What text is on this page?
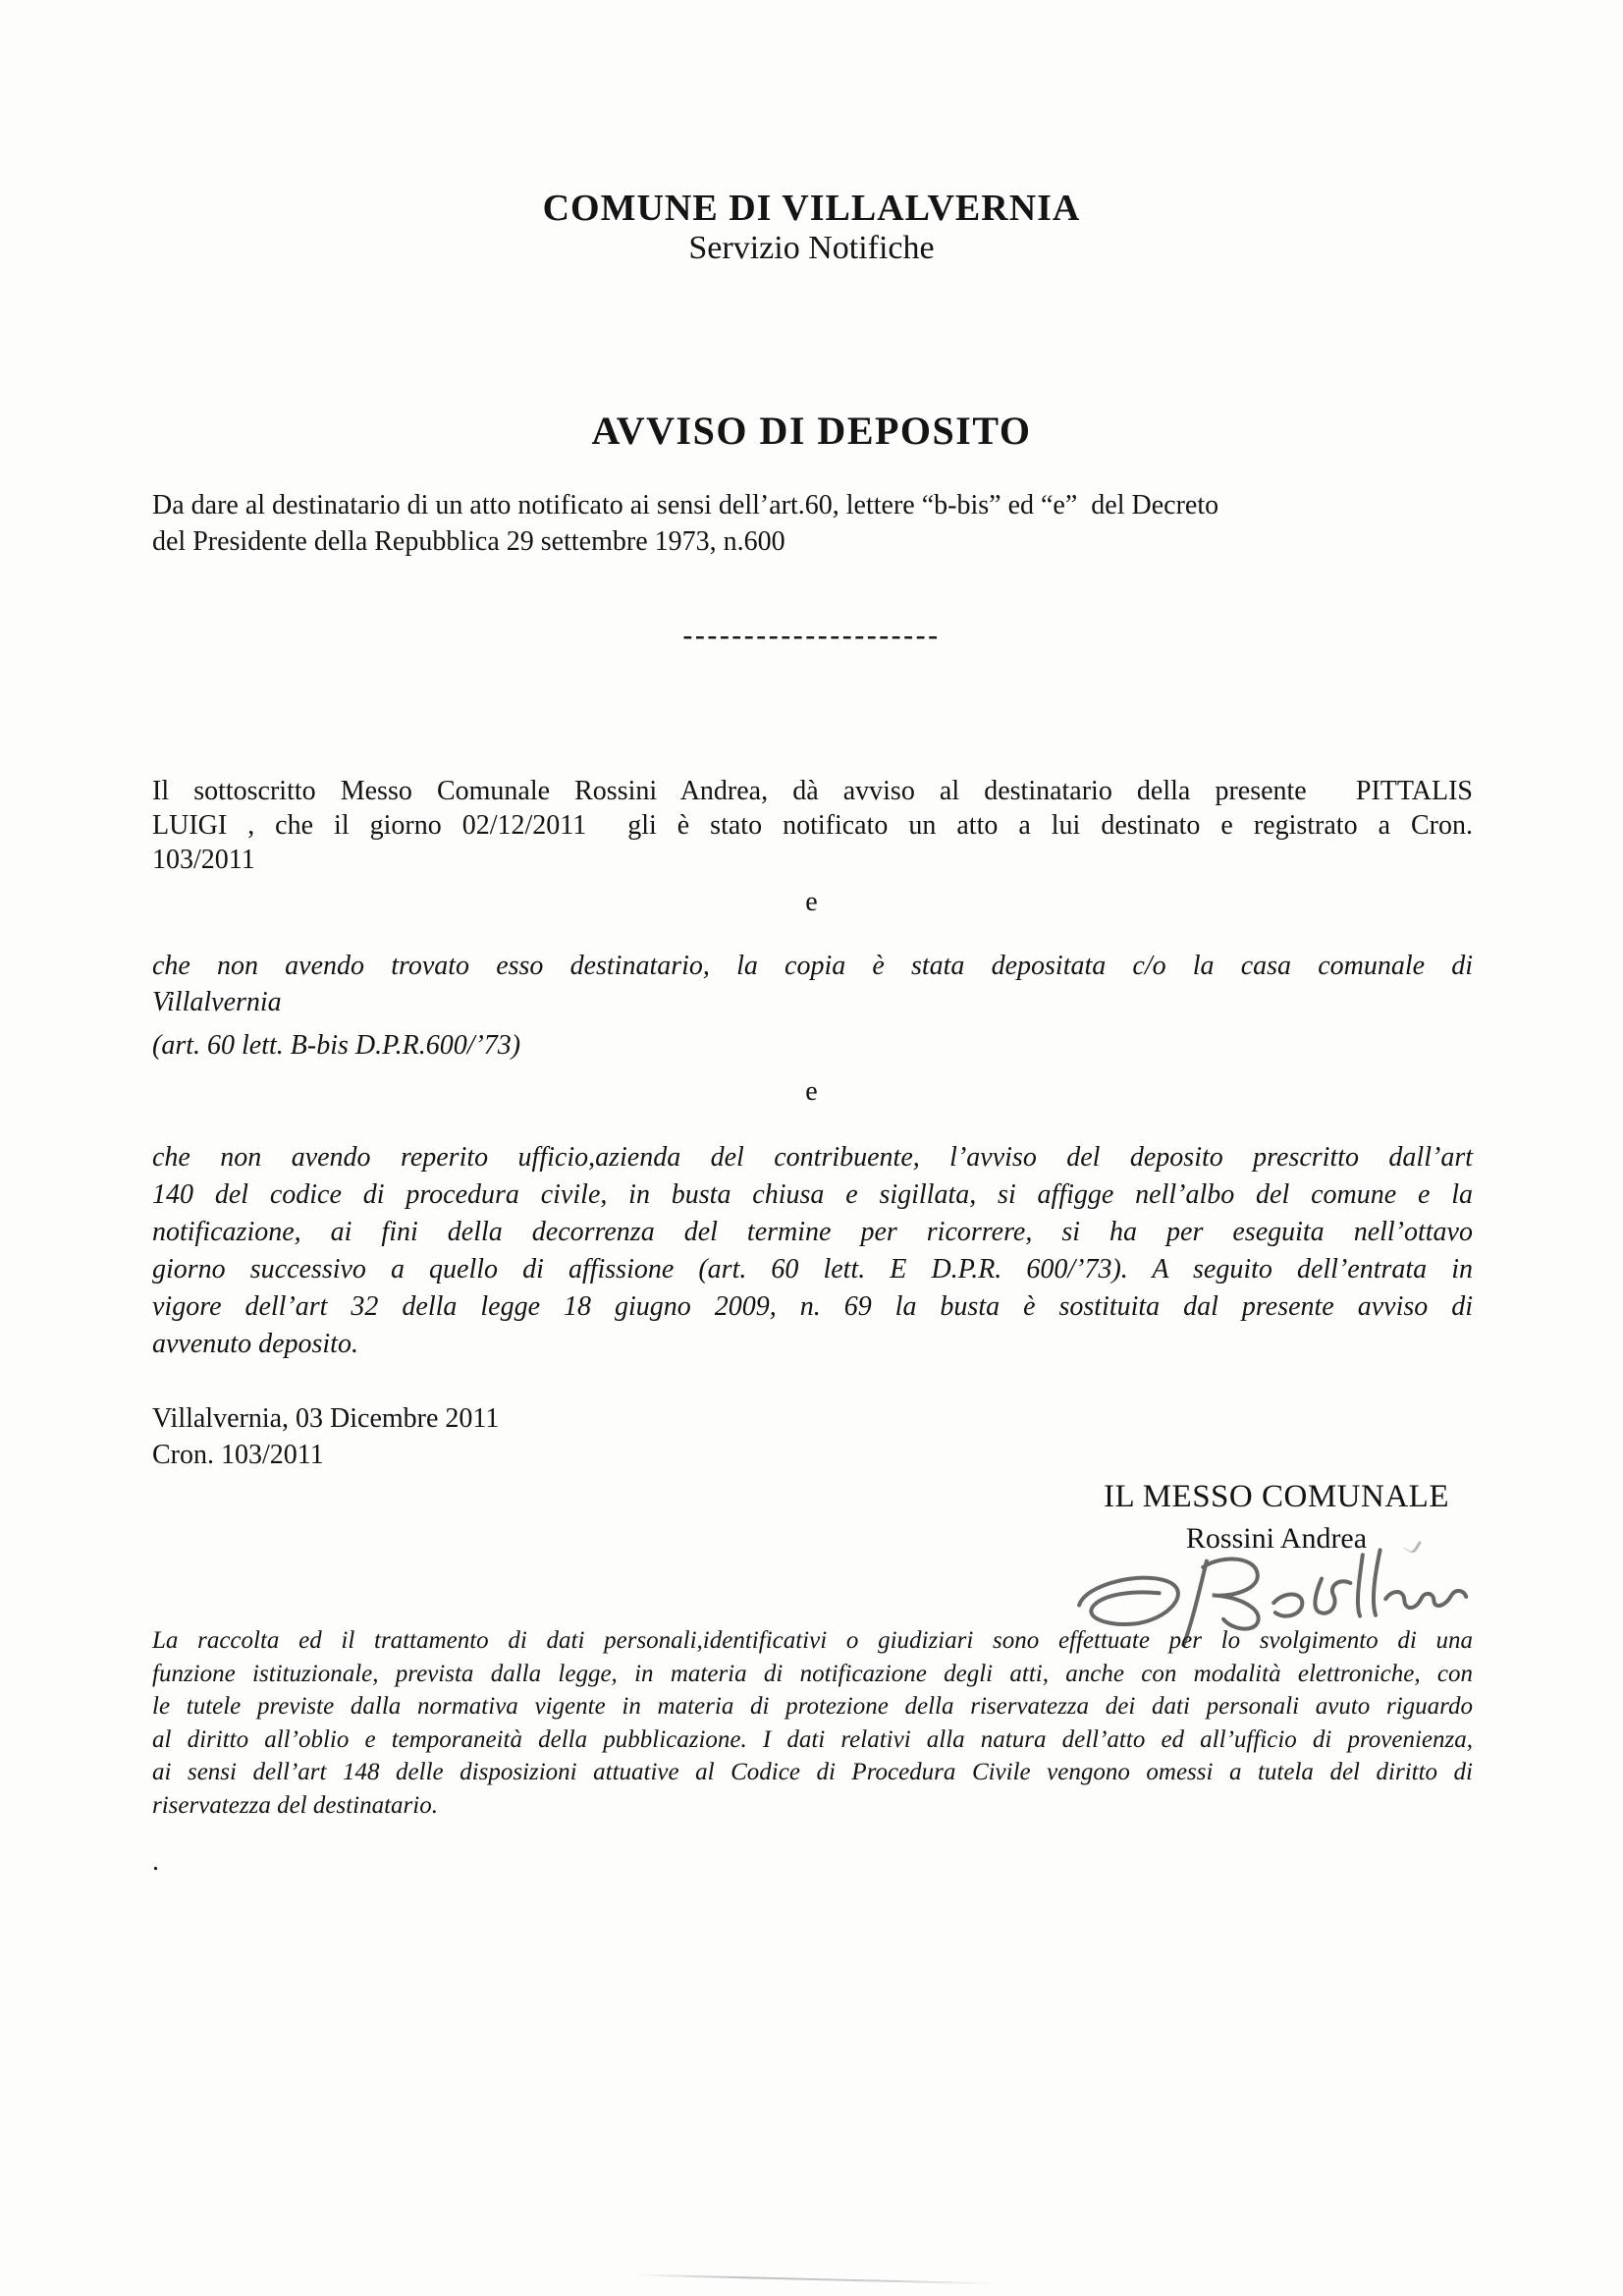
COMUNE DI VILLALVERNIA
Servizio Notifiche
AVVISO DI DEPOSITO
Da dare al destinatario di un atto notificato ai sensi dell’art.60, lettere “b-bis” ed “e”  del Decreto
del Presidente della Repubblica 29 settembre 1973, n.600
---------------------
Il sottoscritto Messo Comunale Rossini Andrea, dà avviso al destinatario della presente  PITTALIS
LUIGI , che il giorno 02/12/2011  gli è stato notificato un atto a lui destinato e registrato a Cron.
103/2011
e
che non avendo trovato esso destinatario, la copia è stata depositata c/o la casa comunale di
Villalvernia
(art. 60 lett. B-bis D.P.R.600/’73)
e
che non avendo reperito ufficio,azienda del contribuente, l’avviso del deposito prescritto dall’art
140 del codice di procedura civile, in busta chiusa e sigillata, si affigge nell’albo del comune e la
notificazione, ai fini della decorrenza del termine per ricorrere, si ha per eseguita nell’ottavo
giorno successivo a quello di affissione (art. 60 lett. E D.P.R. 600/’73). A seguito dell’entrata in
vigore dell’art 32 della legge 18 giugno 2009, n. 69 la busta è sostituita dal presente avviso di
avvenuto deposito.
Villalvernia, 03 Dicembre 2011
Cron. 103/2011
IL MESSO COMUNALE
Rossini Andrea
La raccolta ed il trattamento di dati personali,identificativi o giudiziari sono effettuate per lo svolgimento di una
funzione istituzionale, prevista dalla legge, in materia di notificazione degli atti, anche con modalità elettroniche, con
le tutele previste dalla normativa vigente in materia di protezione della riservatezza dei dati personali avuto riguardo
al diritto all’oblio e temporaneità della pubblicazione. I dati relativi alla natura dell’atto ed all’ufficio di provenienza,
ai sensi dell’art 148 delle disposizioni attuative al Codice di Procedura Civile vengono omessi a tutela del diritto di
riservatezza del destinatario.
.
